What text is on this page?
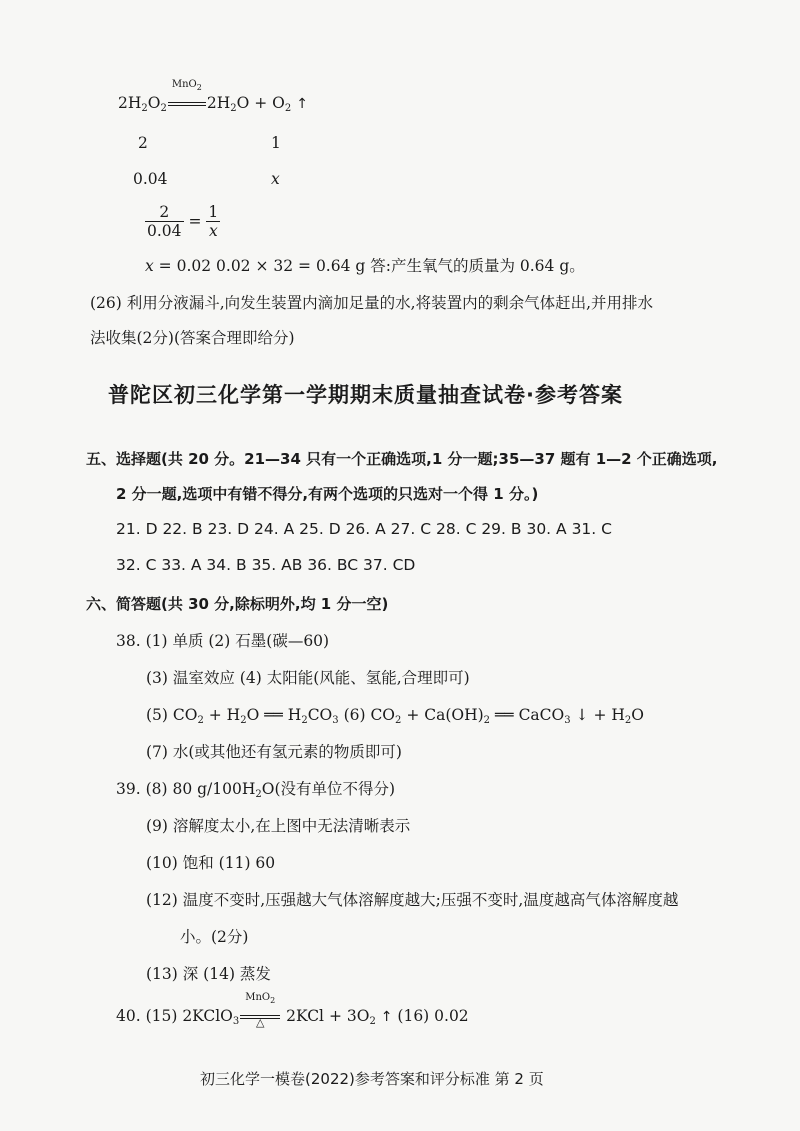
$2H_2O_2$
MnO$_2$
$2H_2O + O_2$ ↑
2	1
0.04	x
$\frac{2}{0.04} = \frac{1}{x}$
x = 0.02 0.02 × 32 = 0.64 g 答:产生氧气的质量为 0.64 g。
(26) 利用分液漏斗,向发生装置内滴加足量的水,将装置内的剩余气体赶出,并用排水
法收集(2分)(答案合理即给分)
普陀区初三化学第一学期期末质量抽查试卷·参考答案
五、选择题(共 20 分。21—34 只有一个正确选项,1 分一题;35—37 题有 1—2 个正确选项,
2 分一题,选项中有错不得分,有两个选项的只选对一个得 1 分。)
21. D 22. B 23. D 24. A 25. D 26. A 27. C 28. C 29. B 30. A 31. C
32. C 33. A 34. B 35. AB 36. BC 37. CD
六、简答题(共 30 分,除标明外,均 1 分一空)
38. (1) 单质 (2) 石墨(碳—60)
(3) 温室效应 (4) 太阳能(风能、氢能,合理即可)
(5) $CO_2 + H_2O$ ══ $H_2CO_3$ (6) $CO_2 + Ca(OH)_2$ ══ CaCO$_3$ ↓ + $H_2O$
(7) 水(或其他还有氢元素的物质即可)
39. (8) 80 $g/100H_2O$(没有单位不得分)
(9) 溶解度太小,在上图中无法清晰表示
(10) 饱和 (11) 60
(12) 温度不变时,压强越大气体溶解度越大;压强不变时,温度越高气体溶解度越
小。(2分)
(13) 深 (14) 蒸发
40. (15) 2KClO$_3$
MnO$_2$
△	$2KCl + 3O_2$ ↑ (16) 0.02
初三化学一模卷(2022)参考答案和评分标准 第 2 页
